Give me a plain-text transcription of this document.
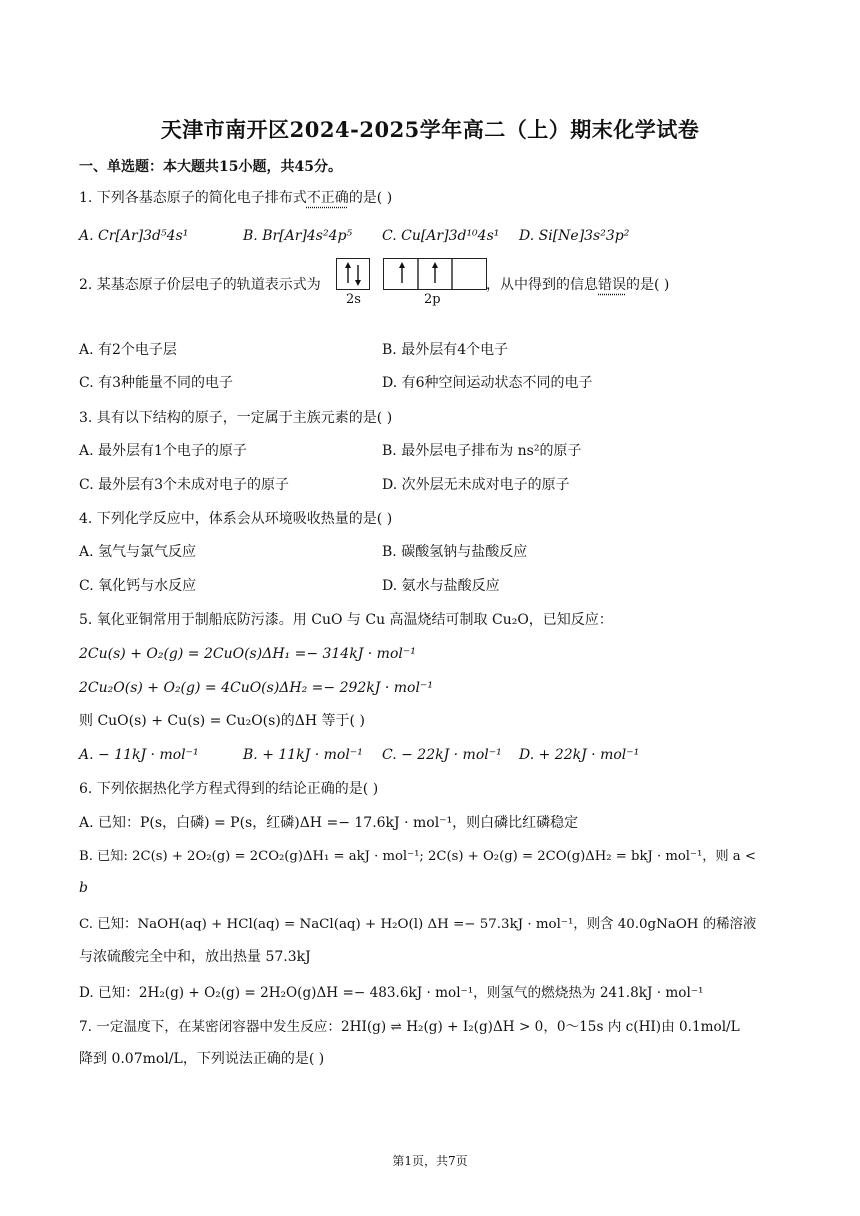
天津市南开区2024-2025学年高二（上）期末化学试卷
一、单选题：本大题共15小题，共45分。
1. 下列各基态原子的简化电子排布式不正确的是( )
A. Cr[Ar]3d⁵4s¹	B. Br[Ar]4s²4p⁵ C. Cu[Ar]3d¹⁰4s¹ D. Si[Ne]3s²3p²
2. 某基态原子价层电子的轨道表示式为
2s	2p
，从中得到的信息错误的是( )
A. 有2个电子层	B. 最外层有4个电子
C. 有3种能量不同的电子	D. 有6种空间运动状态不同的电子
3. 具有以下结构的原子，一定属于主族元素的是( )
A. 最外层有1个电子的原子	B. 最外层电子排布为 ns²的原子
C. 最外层有3个未成对电子的原子	D. 次外层无未成对电子的原子
4. 下列化学反应中，体系会从环境吸收热量的是( )
A. 氢气与氯气反应	B. 碳酸氢钠与盐酸反应
C. 氧化钙与水反应	D. 氨水与盐酸反应
5. 氧化亚铜常用于制船底防污漆。用 CuO 与 Cu 高温烧结可制取 Cu₂O，已知反应：
2Cu(s) + O₂(g) = 2CuO(s)ΔH₁ =− 314kJ · mol⁻¹
2Cu₂O(s) + O₂(g) = 4CuO(s)ΔH₂ =− 292kJ · mol⁻¹
则 CuO(s) + Cu(s) = Cu₂O(s)的ΔH 等于( )
A. − 11kJ · mol⁻¹	B. + 11kJ · mol⁻¹ C. − 22kJ · mol⁻¹ D. + 22kJ · mol⁻¹
6. 下列依据热化学方程式得到的结论正确的是( )
A. 已知：P(s，白磷) = P(s，红磷)ΔH =− 17.6kJ · mol⁻¹，则白磷比红磷稳定
B. 已知: 2C(s) + 2O₂(g) = 2CO₂(g)ΔH₁ = akJ · mol⁻¹; 2C(s) + O₂(g) = 2CO(g)ΔH₂ = bkJ · mol⁻¹，则 a <
b
C. 已知：NaOH(aq) + HCl(aq) = NaCl(aq) + H₂O(l) ΔH =− 57.3kJ · mol⁻¹，则含 40.0gNaOH 的稀溶液
与浓硫酸完全中和，放出热量 57.3kJ
D. 已知：2H₂(g) + O₂(g) = 2H₂O(g)ΔH =− 483.6kJ · mol⁻¹，则氢气的燃烧热为 241.8kJ · mol⁻¹
7. 一定温度下，在某密闭容器中发生反应：2HI(g) ⇌ H₂(g) + I₂(g)ΔH > 0，0～15s 内 c(HI)由 0.1mol/L
降到 0.07mol/L，下列说法正确的是( )
第1页，共7页
